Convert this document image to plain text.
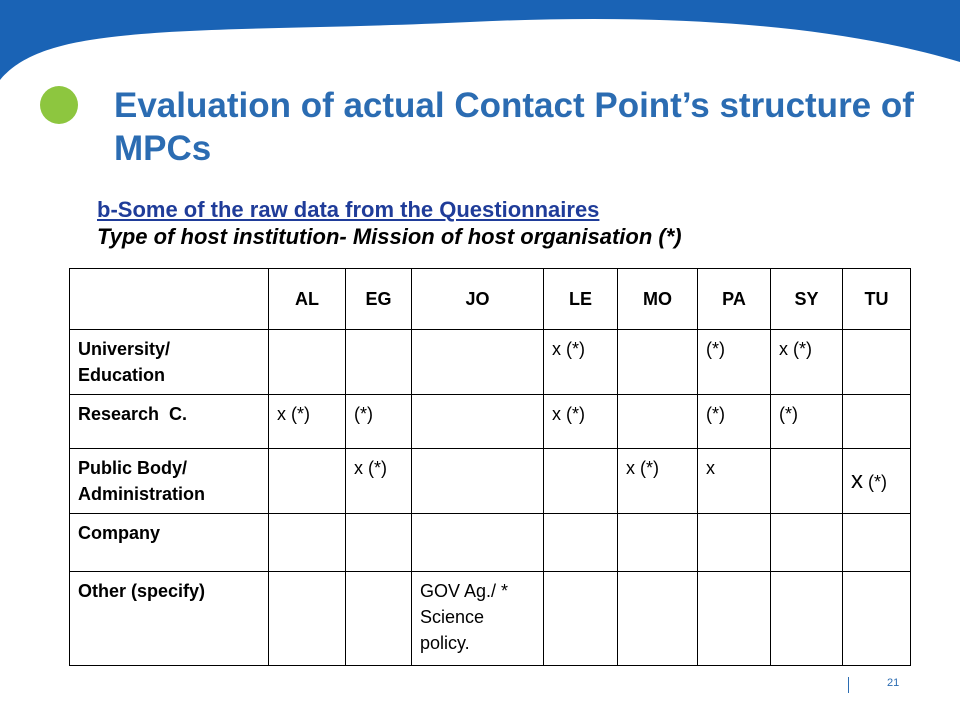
Evaluation of actual Contact Point’s structure of MPCs
b-Some of the raw data from the Questionnaires
Type of host institution- Mission of host organisation (*)
	AL	EG	JO	LE	MO	PA	SY	TU
University/ Education				x (*)		(*)	x (*)	
Research  C.	x (*)	(*)		x (*)		(*)	(*)	
Public Body/ Administration		x (*)			x (*)	x		x (*)
Company								
Other (specify)			GOV Ag./ * Science policy.					
21
